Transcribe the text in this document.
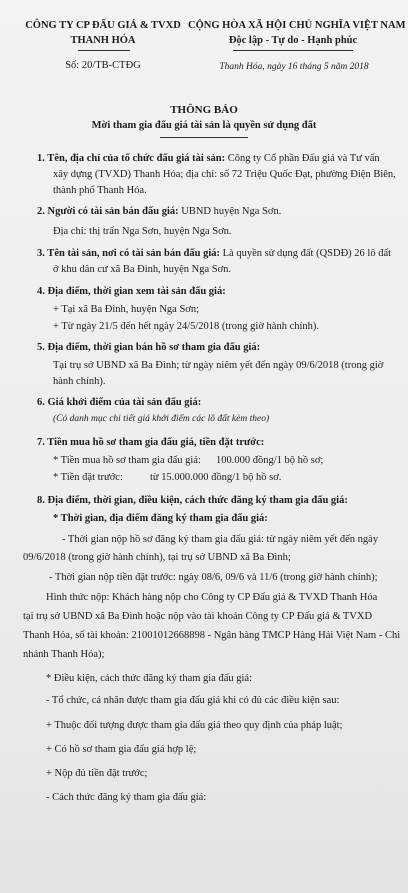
CÔNG TY CP ĐẤU GIÁ & TVXD
THANH HÓA
Số: 20/TB-CTĐG
CỘNG HÒA XÃ HỘI CHỦ NGHĨA VIỆT NAM
Độc lập - Tự do - Hạnh phúc
Thanh Hóa, ngày 16 tháng 5 năm 2018
THÔNG BÁO
Mời tham gia đấu giá tài sản là quyền sử dụng đất
1. Tên, địa chỉ của tổ chức đấu giá tài sản: Công ty Cổ phần Đấu giá và Tư vấn
xây dựng (TVXD) Thanh Hóa; địa chỉ: số 72 Triệu Quốc Đạt, phường Điện Biên,
thành phố Thanh Hóa.
2. Người có tài sản bán đấu giá: UBND huyện Nga Sơn.
Địa chỉ: thị trấn Nga Sơn, huyện Nga Sơn.
3. Tên tài sản, nơi có tài sản bán đấu giá: Là quyền sử dụng đất (QSDĐ) 26 lô đất
ở khu dân cư xã Ba Đình, huyện Nga Sơn.
4. Địa điểm, thời gian xem tài sản đấu giá:
+ Tại xã Ba Đình, huyện Nga Sơn;
+ Từ ngày 21/5 đến hết ngày 24/5/2018 (trong giờ hành chính).
5. Địa điểm, thời gian bán hồ sơ tham gia đấu giá:
Tại trụ sở UBND xã Ba Đình; từ ngày niêm yết đến ngày 09/6/2018 (trong giờ
hành chính).
6. Giá khởi điểm của tài sản đấu giá:
(Có danh mục chi tiết giá khởi điểm các lô đất kèm theo)
7. Tiền mua hồ sơ tham gia đấu giá, tiền đặt trước:
* Tiền mua hồ sơ tham gia đấu giá: 100.000 đồng/1 bộ hồ sơ;
* Tiền đặt trước:	từ 15.000.000 đồng/1 bộ hồ sơ.
8. Địa điểm, thời gian, điều kiện, cách thức đăng ký tham gia đấu giá:
* Thời gian, địa điểm đăng ký tham gia đấu giá:
- Thời gian nộp hồ sơ đăng ký tham gia đấu giá: từ ngày niêm yết đến ngày
09/6/2018 (trong giờ hành chính), tại trụ sở UBND xã Ba Đình;
- Thời gian nộp tiền đặt trước: ngày 08/6, 09/6 và 11/6 (trong giờ hành chính);
Hình thức nộp: Khách hàng nộp cho Công ty CP Đấu giá & TVXD Thanh Hóa
tại trụ sở UBND xã Ba Đình hoặc nộp vào tài khoản Công ty CP Đấu giá & TVXD
Thanh Hóa, số tài khoản: 21001012668898 - Ngân hàng TMCP Hàng Hải Việt Nam - Chi
nhánh Thanh Hóa);
* Điều kiện, cách thức đăng ký tham gia đấu giá:
- Tổ chức, cá nhân được tham gia đấu giá khi có đủ các điều kiện sau:
+ Thuộc đối tượng được tham gia đấu giá theo quy định của pháp luật;
+ Có hồ sơ tham gia đấu giá hợp lệ;
+ Nộp đủ tiền đặt trước;
- Cách thức đăng ký tham gia đấu giá:
